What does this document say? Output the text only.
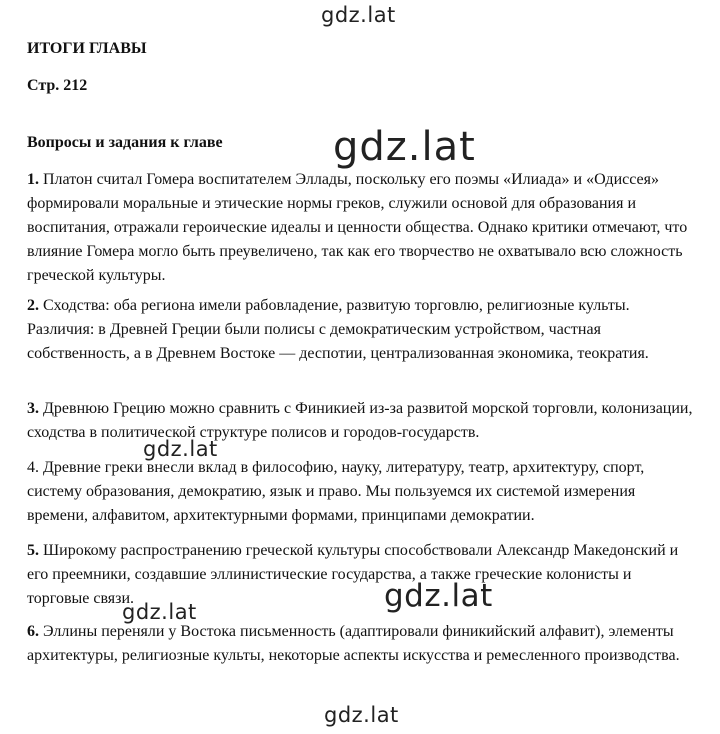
gdz.lat
ИТОГИ ГЛАВЫ
Стр. 212
Вопросы и задания к главе	gdz.lat
1. Платон считал Гомера воспитателем Эллады, поскольку его поэмы «Илиада» и «Одиссея» формировали моральные и этические нормы греков, служили основой для образования и воспитания, отражали героические идеалы и ценности общества. Однако критики отмечают, что влияние Гомера могло быть преувеличено, так как его творчество не охватывало всю сложность греческой культуры.
2. Сходства: оба региона имели рабовладение, развитую торговлю, религиозные культы. Различия: в Древней Греции были полисы с демократическим устройством, частная собственность, а в Древнем Востоке — деспотии, централизованная экономика, теократия.
3. Древнюю Грецию можно сравнить с Финикией из-за развитой морской торговли, колонизации, сходства в политической структуре полисов и городов-государств.
gdz.lat
4. Древние греки внесли вклад в философию, науку, литературу, театр, архитектуру, спорт, систему образования, демократию, язык и право. Мы пользуемся их системой измерения времени, алфавитом, архитектурными формами, принципами демократии.
5. Широкому распространению греческой культуры способствовали Александр Македонский и его преемники, создавшие эллинистические государства, а также греческие колонисты и торговые связи.	gdz.lat
gdz.lat
6. Эллины переняли у Востока письменность (адаптировали финикийский алфавит), элементы архитектуры, религиозные культы, некоторые аспекты искусства и ремесленного производства.
gdz.lat
